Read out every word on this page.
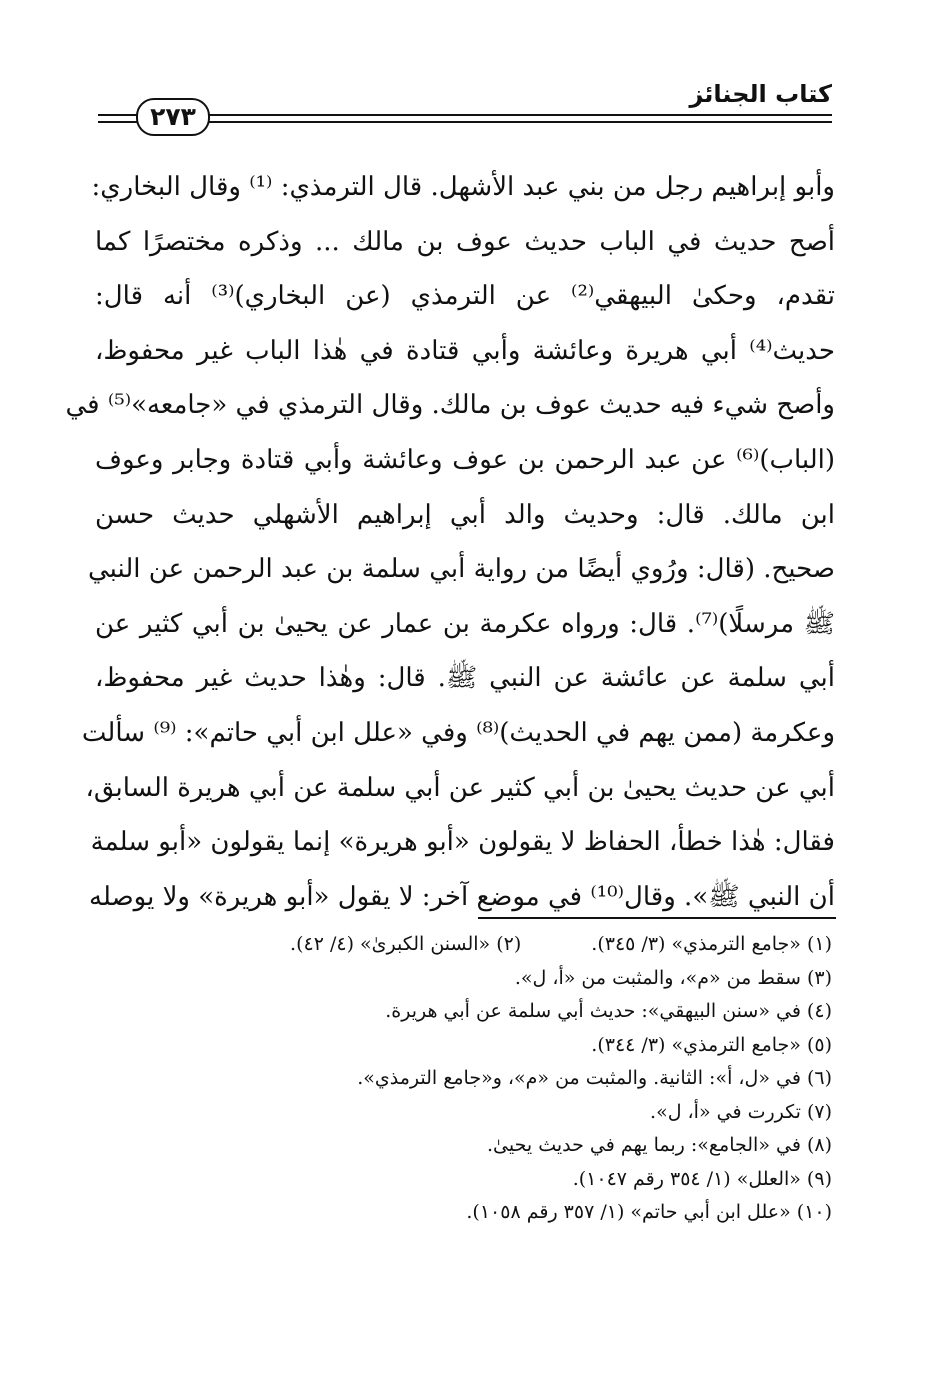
كتاب الجنائز
٢٧٣
وأبو إبراهيم رجل من بني عبد الأشهل. قال الترمذي: ⁽¹⁾ وقال البخاري:
أصح حديث في الباب حديث عوف بن مالك ... وذكره مختصرًا كما
تقدم، وحكىٰ البيهقي⁽²⁾ عن الترمذي (عن البخاري)⁽³⁾ أنه قال:
حديث⁽⁴⁾ أبي هريرة وعائشة وأبي قتادة في هٰذا الباب غير محفوظ،
وأصح شيء فيه حديث عوف بن مالك. وقال الترمذي في «جامعه»⁽⁵⁾ في
(الباب)⁽⁶⁾ عن عبد الرحمن بن عوف وعائشة وأبي قتادة وجابر وعوف
ابن مالك. قال: وحديث والد أبي إبراهيم الأشهلي حديث حسن
صحيح. (قال: ورُوي أيضًا من رواية أبي سلمة بن عبد الرحمن عن النبي
ﷺ مرسلًا)⁽⁷⁾. قال: ورواه عكرمة بن عمار عن يحيىٰ بن أبي كثير عن
أبي سلمة عن عائشة عن النبي ﷺ. قال: وهٰذا حديث غير محفوظ،
وعكرمة (ممن يهم في الحديث)⁽⁸⁾ وفي «علل ابن أبي حاتم»: ⁽⁹⁾ سألت
أبي عن حديث يحيىٰ بن أبي كثير عن أبي سلمة عن أبي هريرة السابق،
فقال: هٰذا خطأ، الحفاظ لا يقولون «أبو هريرة» إنما يقولون «أبو سلمة
أن النبي ﷺ». وقال⁽¹⁰⁾ في موضع آخر: لا يقول «أبو هريرة» ولا يوصله
(١) «جامع الترمذي» (٣/ ٣٤٥).(٢) «السنن الكبرىٰ» (٤/ ٤٢).
(٣) سقط من «م»، والمثبت من «أ، ل».
(٤) في «سنن البيهقي»: حديث أبي سلمة عن أبي هريرة.
(٥) «جامع الترمذي» (٣/ ٣٤٤).
(٦) في «ل، أ»: الثانية. والمثبت من «م»، و«جامع الترمذي».
(٧) تكررت في «أ، ل».
(٨) في «الجامع»: ربما يهم في حديث يحيىٰ.
(٩) «العلل» (١/ ٣٥٤ رقم ١٠٤٧).
(١٠) «علل ابن أبي حاتم» (١/ ٣٥٧ رقم ١٠٥٨).
